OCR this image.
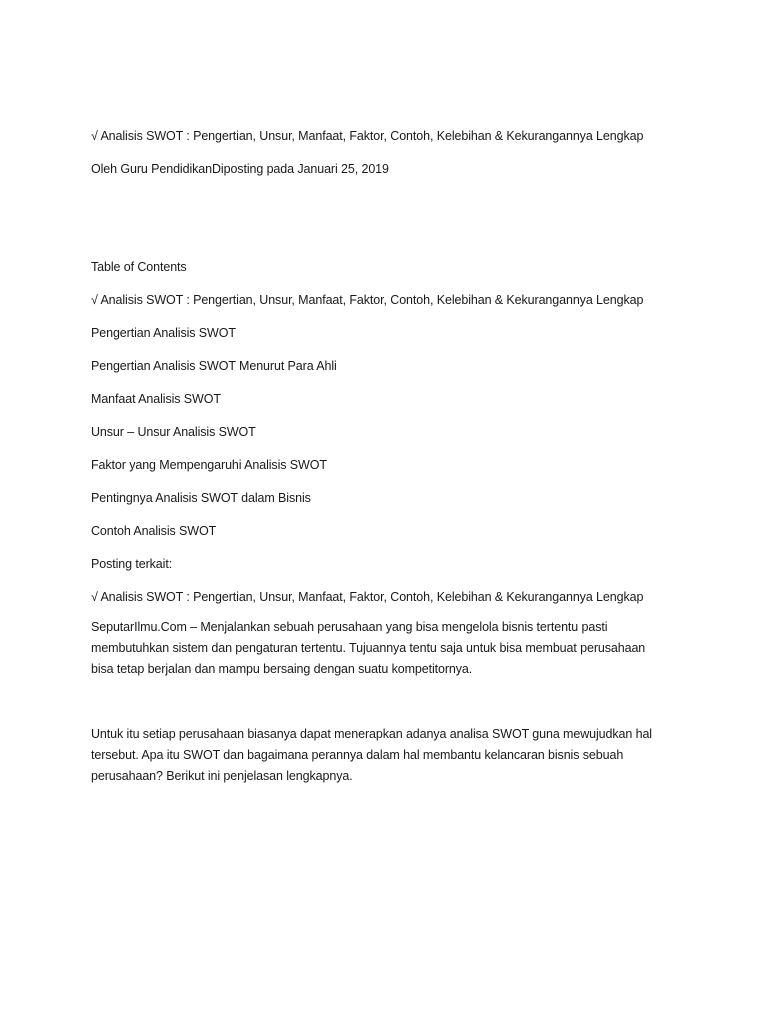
√ Analisis SWOT : Pengertian, Unsur, Manfaat, Faktor, Contoh, Kelebihan & Kekurangannya Lengkap
Oleh Guru PendidikanDiposting pada Januari 25, 2019
Table of Contents
√ Analisis SWOT : Pengertian, Unsur, Manfaat, Faktor, Contoh, Kelebihan & Kekurangannya Lengkap
Pengertian Analisis SWOT
Pengertian Analisis SWOT Menurut Para Ahli
Manfaat Analisis SWOT
Unsur – Unsur Analisis SWOT
Faktor yang Mempengaruhi Analisis SWOT
Pentingnya Analisis SWOT dalam Bisnis
Contoh Analisis SWOT
Posting terkait:
√ Analisis SWOT : Pengertian, Unsur, Manfaat, Faktor, Contoh, Kelebihan & Kekurangannya Lengkap
SeputarIlmu.Com – Menjalankan sebuah perusahaan yang bisa mengelola bisnis tertentu pasti
membutuhkan sistem dan pengaturan tertentu. Tujuannya tentu saja untuk bisa membuat perusahaan
bisa tetap berjalan dan mampu bersaing dengan suatu kompetitornya.
Untuk itu setiap perusahaan biasanya dapat menerapkan adanya analisa SWOT guna mewujudkan hal
tersebut. Apa itu SWOT dan bagaimana perannya dalam hal membantu kelancaran bisnis sebuah
perusahaan? Berikut ini penjelasan lengkapnya.
